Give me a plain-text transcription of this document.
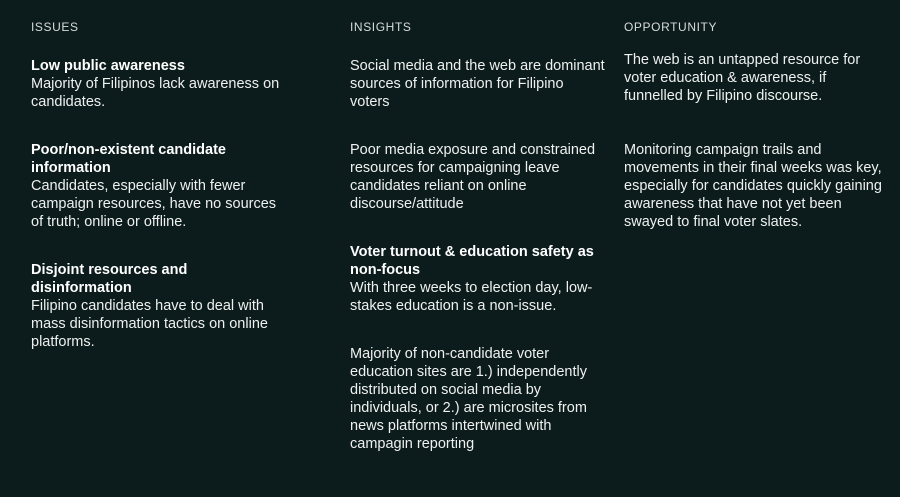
ISSUES
Low public awareness
Majority of Filipinos lack awareness on candidates.
Poor/non-existent candidate information
Candidates, especially with fewer campaign resources, have no sources of truth; online or offline.
Disjoint resources and disinformation
Filipino candidates have to deal with mass disinformation tactics on online platforms.
INSIGHTS
Social media and the web are dominant sources of information for Filipino voters
Poor media exposure and constrained resources for campaigning leave candidates reliant on online discourse/attitude
Voter turnout & education safety as non-focus
With three weeks to election day, low-stakes education is a non-issue.
Majority of non-candidate voter education sites are 1.) independently distributed on social media by individuals, or 2.) are microsites from news platforms intertwined with campagin reporting
OPPORTUNITY
The web is an untapped resource for voter education & awareness, if funnelled by Filipino discourse.
Monitoring campaign trails and movements in their final weeks was key, especially for candidates quickly gaining awareness that have not yet been swayed to final voter slates.
